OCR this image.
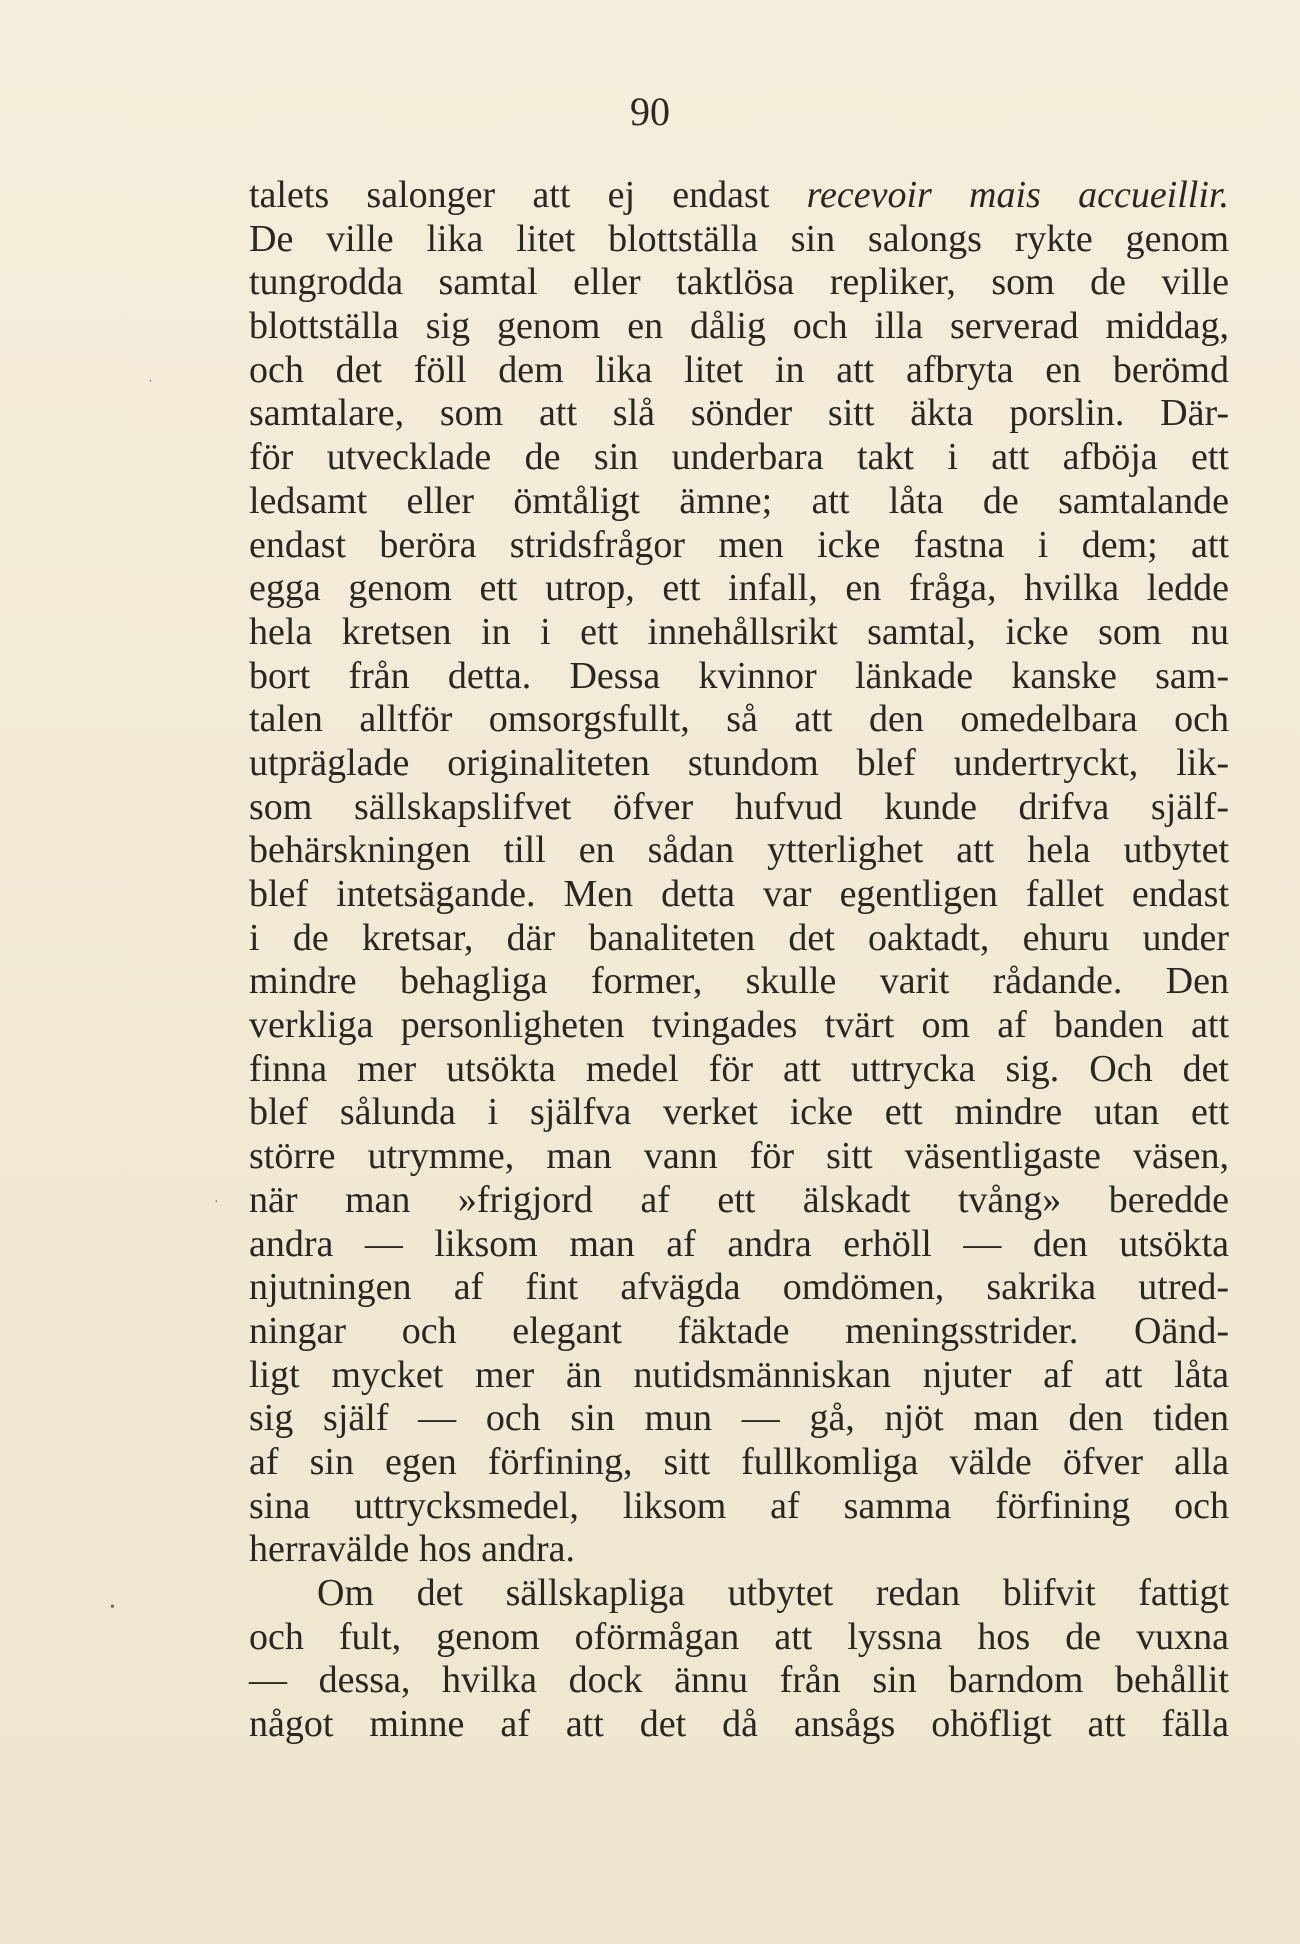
90
talets salonger att ej endast recevoir mais accueillir.
De ville lika litet blottställa sin salongs rykte genom
tungrodda samtal eller taktlösa repliker, som de ville
blottställa sig genom en dålig och illa serverad middag,
och det föll dem lika litet in att afbryta en berömd
samtalare, som att slå sönder sitt äkta porslin. Där-
för utvecklade de sin underbara takt i att afböja ett
ledsamt eller ömtåligt ämne; att låta de samtalande
endast beröra stridsfrågor men icke fastna i dem; att
egga genom ett utrop, ett infall, en fråga, hvilka ledde
hela kretsen in i ett innehållsrikt samtal, icke som nu
bort från detta. Dessa kvinnor länkade kanske sam-
talen alltför omsorgsfullt, så att den omedelbara och
utpräglade originaliteten stundom blef undertryckt, lik-
som sällskapslifvet öfver hufvud kunde drifva själf-
behärskningen till en sådan ytterlighet att hela utbytet
blef intetsägande. Men detta var egentligen fallet endast
i de kretsar, där banaliteten det oaktadt, ehuru under
mindre behagliga former, skulle varit rådande. Den
verkliga personligheten tvingades tvärt om af banden att
finna mer utsökta medel för att uttrycka sig. Och det
blef sålunda i själfva verket icke ett mindre utan ett
större utrymme, man vann för sitt väsentligaste väsen,
när man »frigjord af ett älskadt tvång» beredde
andra — liksom man af andra erhöll — den utsökta
njutningen af fint afvägda omdömen, sakrika utred-
ningar och elegant fäktade meningsstrider. Oänd-
ligt mycket mer än nutidsmänniskan njuter af att låta
sig själf — och sin mun — gå, njöt man den tiden
af sin egen förfining, sitt fullkomliga välde öfver alla
sina uttrycksmedel, liksom af samma förfining och
herravälde hos andra.
Om det sällskapliga utbytet redan blifvit fattigt
och fult, genom oförmågan att lyssna hos de vuxna
— dessa, hvilka dock ännu från sin barndom behållit
något minne af att det då ansågs ohöfligt att fälla
˙
·
•
